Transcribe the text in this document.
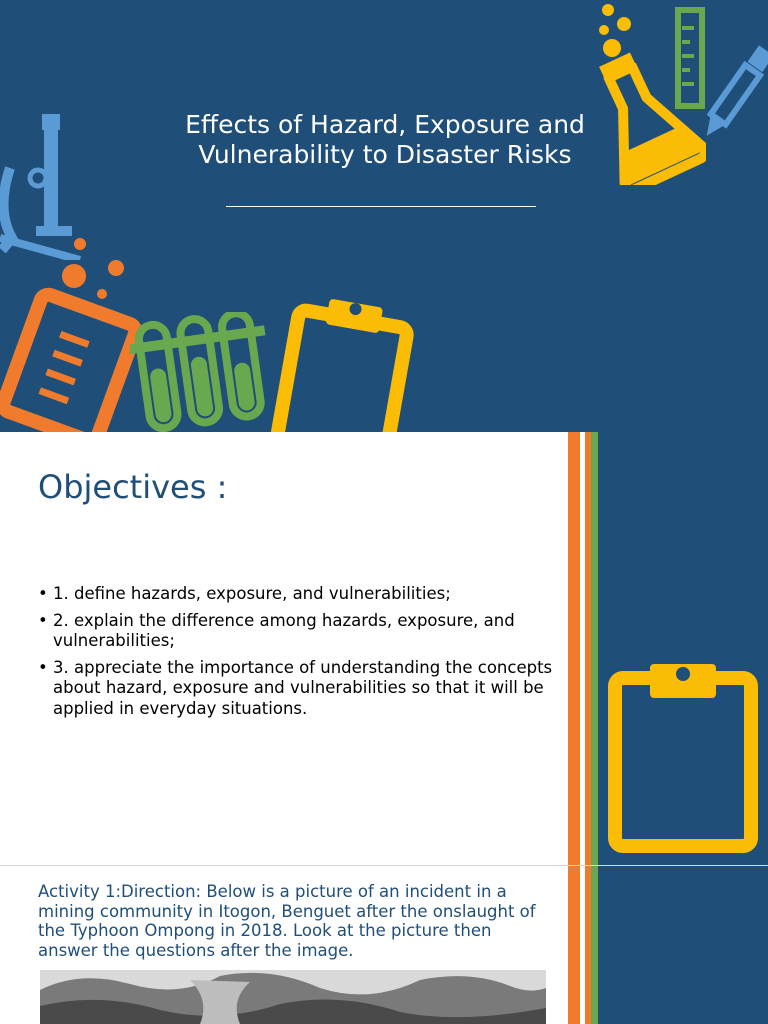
Effects of Hazard, Exposure and Vulnerability to Disaster Risks
Objectives :
• 1. define hazards, exposure, and vulnerabilities;
• 2. explain the difference among hazards, exposure, and vulnerabilities;
• 3. appreciate the importance of understanding the concepts about hazard, exposure and vulnerabilities so that it will be applied in everyday situations.
Activity 1:Direction: Below is a picture of an incident in a mining community in Itogon, Benguet after the onslaught of the Typhoon Ompong in 2018. Look at the picture then answer the questions after the image.
